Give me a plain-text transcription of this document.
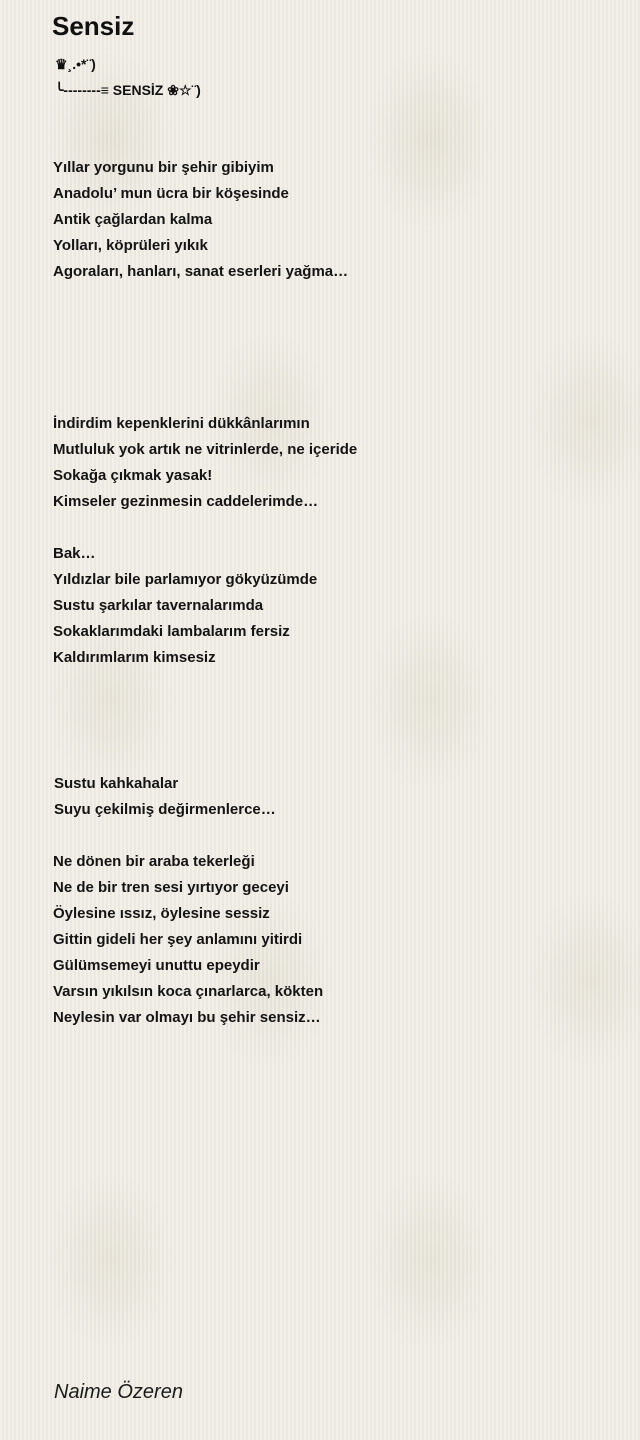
Sensiz
♛¸.•*¨)
╰--------≡ SENSİZ ❀☆¨)
Yıllar yorgunu bir şehir gibiyim
Anadolu’ mun ücra bir köşesinde
Antik çağlardan kalma
Yolları, köprüleri yıkık
Agoraları, hanları, sanat eserleri yağma…
İndirdim kepenklerini dükkânlarımın
Mutluluk yok artık ne vitrinlerde, ne içeride
Sokağa çıkmak yasak!
Kimseler gezinmesin caddelerimde…
Bak…
Yıldızlar bile parlamıyor gökyüzümde
Sustu şarkılar tavernalarımda
Sokaklarımdaki lambalarım fersiz
Kaldırımlarım kimsesiz
Sustu kahkahalar
Suyu çekilmiş değirmenlerce…
Ne dönen bir araba tekerleği
Ne de bir tren sesi yırtıyor geceyi
Öylesine ıssız, öylesine sessiz
Gittin gideli her şey anlamını yitirdi
Gülümsemeyi unuttu epeydir
Varsın yıkılsın koca çınarlarca, kökten
Neylesin var olmayı bu şehir sensiz…
Naime Özeren
